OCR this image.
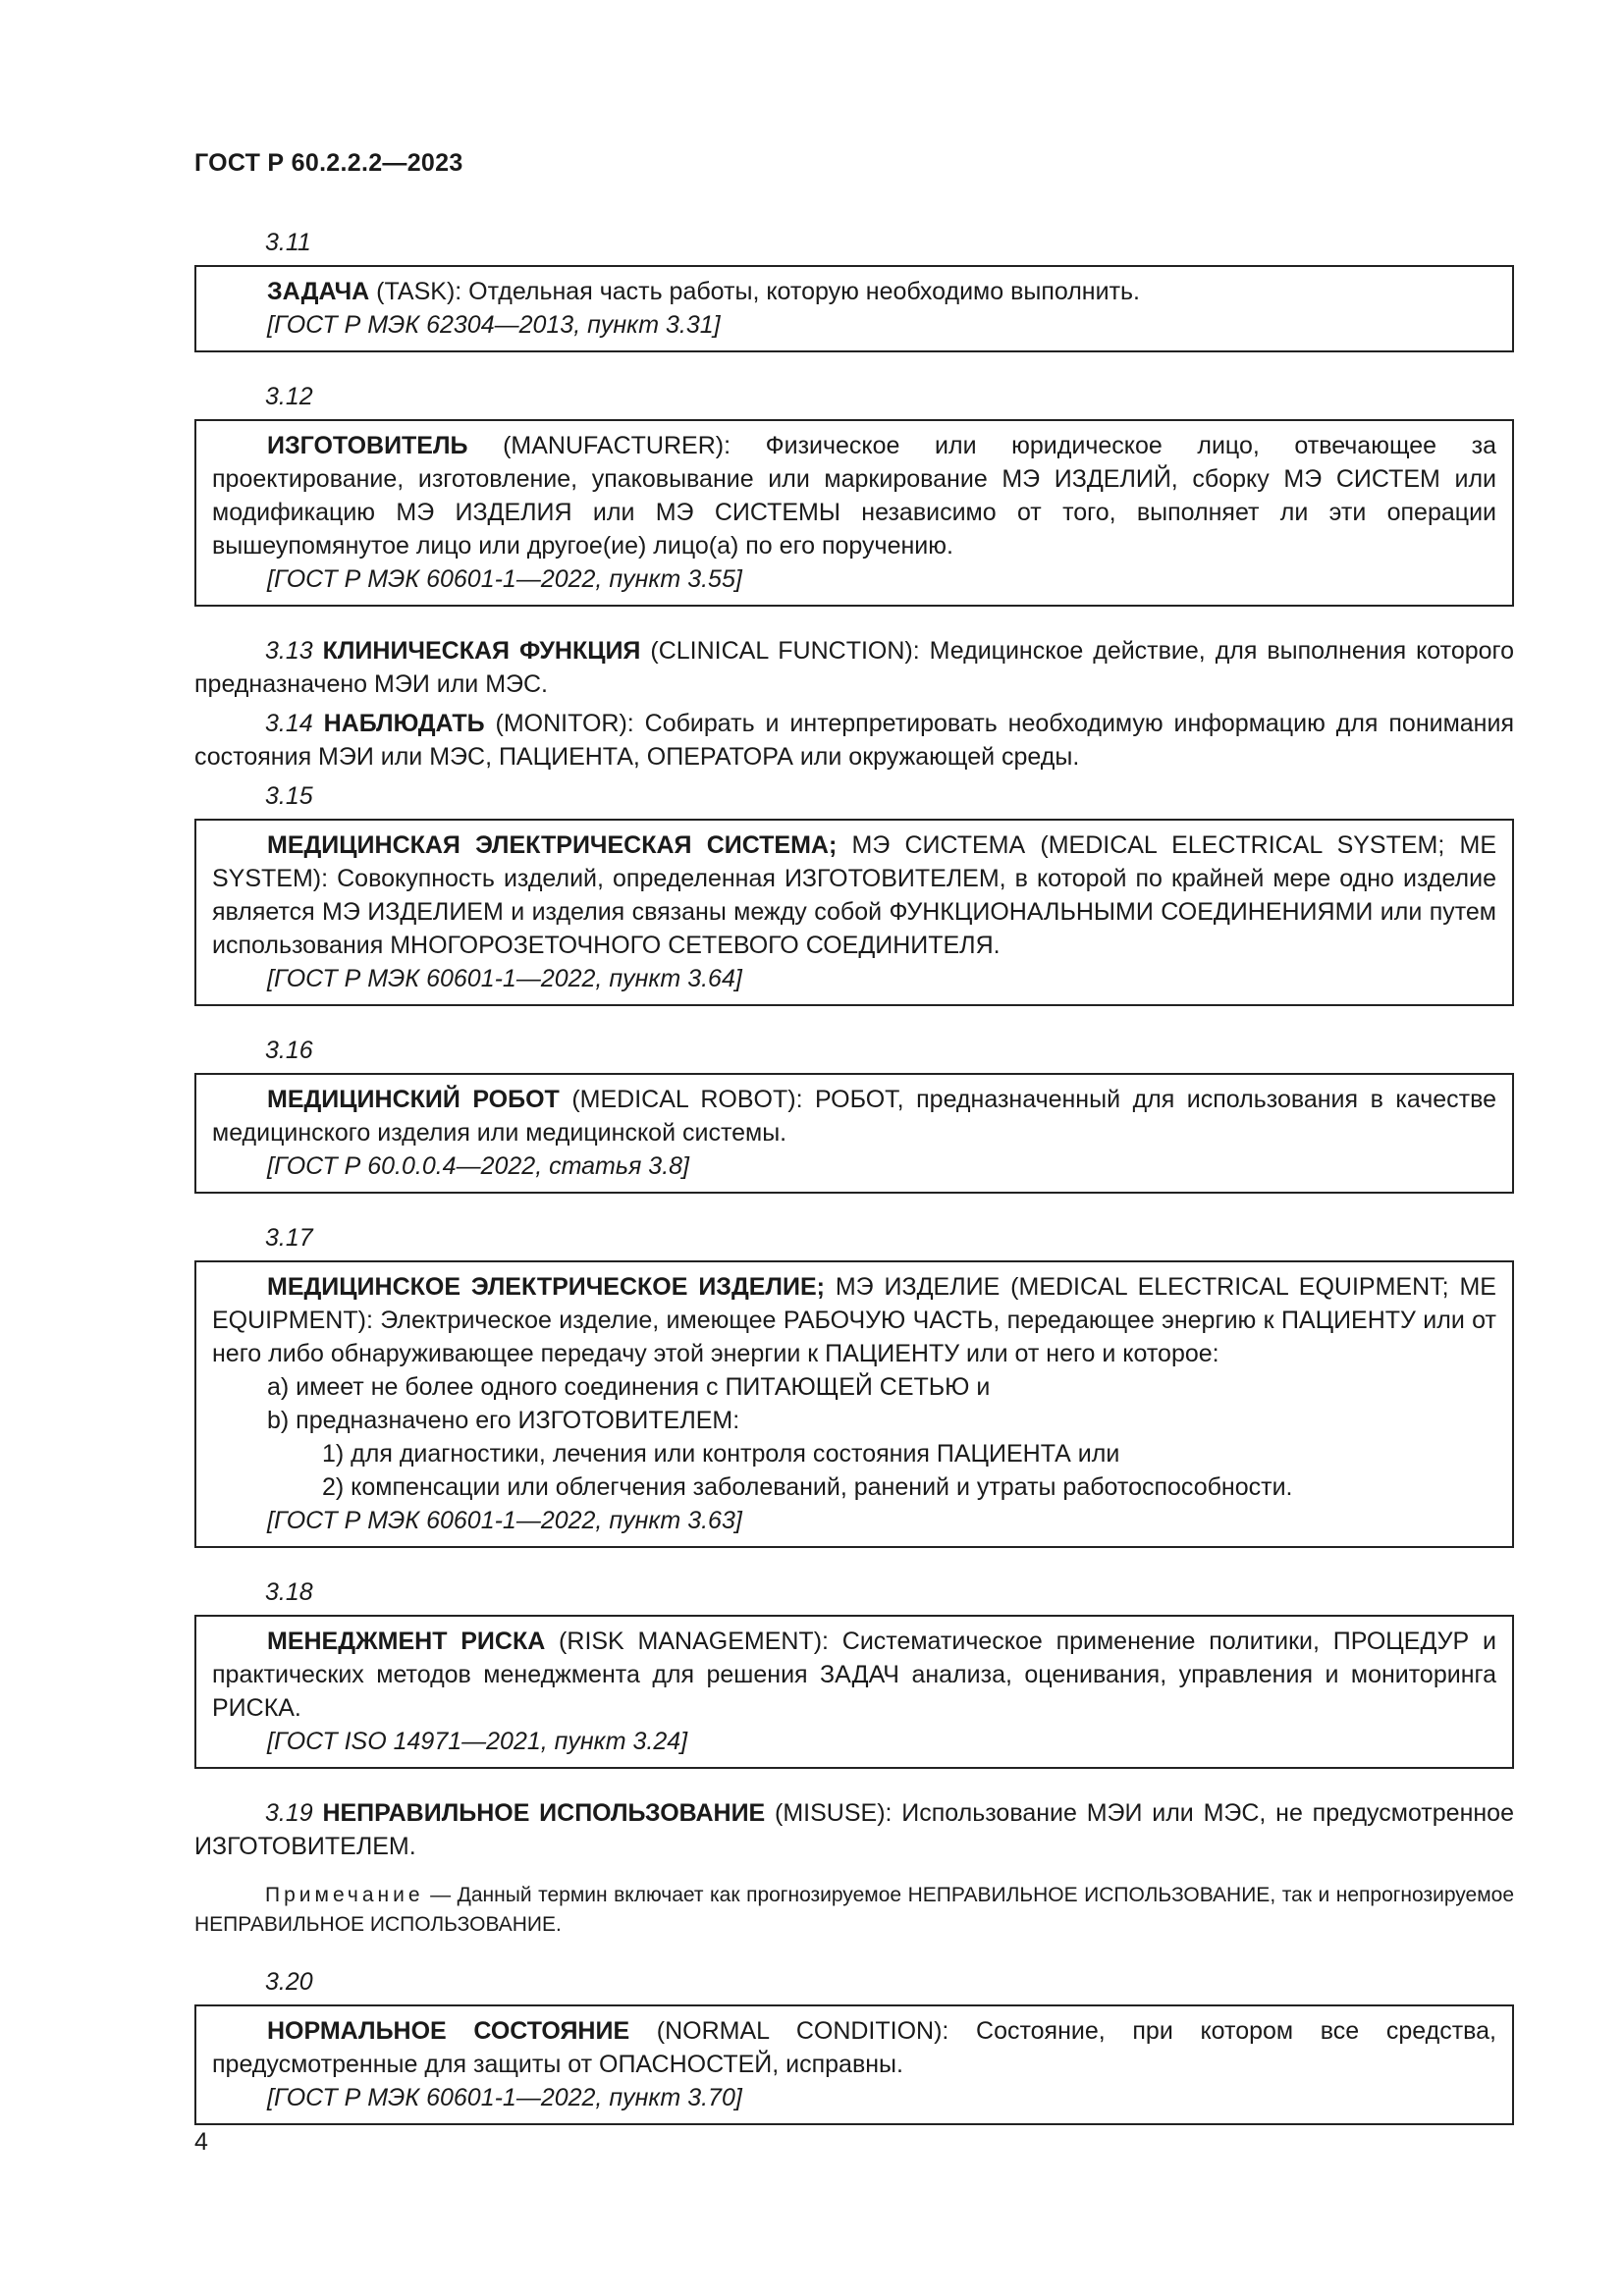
ГОСТ Р 60.2.2.2—2023
3.11

ЗАДАЧА (TASK): Отдельная часть работы, которую необходимо выполнить.

[ГОСТ Р МЭК 62304—2013, пункт 3.31]
3.12

ИЗГОТОВИТЕЛЬ (MANUFACTURER): Физическое или юридическое лицо, отвечающее за проектирование, изготовление, упаковывание или маркирование МЭ ИЗДЕЛИЙ, сборку МЭ СИСТЕМ или модификацию МЭ ИЗДЕЛИЯ или МЭ СИСТЕМЫ независимо от того, выполняет ли эти операции вышеупомянутое лицо или другое(ие) лицо(а) по его поручению.

[ГОСТ Р МЭК 60601-1—2022, пункт 3.55]

3.13 КЛИНИЧЕСКАЯ ФУНКЦИЯ (CLINICAL FUNCTION): Медицинское действие, для выполнения которого предназначено МЭИ или МЭС.

3.14 НАБЛЮДАТЬ (MONITOR): Собирать и интерпретировать необходимую информацию для понимания состояния МЭИ или МЭС, ПАЦИЕНТА, ОПЕРАТОРА или окружающей среды.

3.15

МЕДИЦИНСКАЯ ЭЛЕКТРИЧЕСКАЯ СИСТЕМА; МЭ СИСТЕМА (MEDICAL ELECTRICAL SYSTEM; ME SYSTEM): Совокупность изделий, определенная ИЗГОТОВИТЕЛЕМ, в которой по крайней мере одно изделие является МЭ ИЗДЕЛИЕМ и изделия связаны между собой ФУНКЦИОНАЛЬНЫМИ СОЕДИНЕНИЯМИ или путем использования МНОГОРОЗЕТОЧНОГО СЕТЕВОГО СОЕДИНИТЕЛЯ.

[ГОСТ Р МЭК 60601-1—2022, пункт 3.64]
3.16

МЕДИЦИНСКИЙ РОБОТ (MEDICAL ROBOT): РОБОТ, предназначенный для использования в качестве медицинского изделия или медицинской системы.

[ГОСТ Р 60.0.0.4—2022, статья 3.8]
3.17

МЕДИЦИНСКОЕ ЭЛЕКТРИЧЕСКОЕ ИЗДЕЛИЕ; МЭ ИЗДЕЛИЕ (MEDICAL ELECTRICAL EQUIPMENT; ME EQUIPMENT): Электрическое изделие, имеющее РАБОЧУЮ ЧАСТЬ, передающее энергию к ПАЦИЕНТУ или от него либо обнаруживающее передачу этой энергии к ПАЦИЕНТУ или от него и которое:

а) имеет не более одного соединения с ПИТАЮЩЕЙ СЕТЬЮ и
b) предназначено его ИЗГОТОВИТЕЛЕМ:
1) для диагностики, лечения или контроля состояния ПАЦИЕНТА или
2) компенсации или облегчения заболеваний, ранений и утраты работоспособности.
[ГОСТ Р МЭК 60601-1—2022, пункт 3.63]
3.18

МЕНЕДЖМЕНТ РИСКА (RISK MANAGEMENT): Систематическое применение политики, ПРОЦЕДУР и практических методов менеджмента для решения ЗАДАЧ анализа, оценивания, управления и мониторинга РИСКА.

[ГОСТ ISO 14971—2021, пункт 3.24]

3.19 НЕПРАВИЛЬНОЕ ИСПОЛЬЗОВАНИЕ (MISUSE): Использование МЭИ или МЭС, не предусмотренное ИЗГОТОВИТЕЛЕМ.

Примечание — Данный термин включает как прогнозируемое НЕПРАВИЛЬНОЕ ИСПОЛЬЗОВАНИЕ, так и непрогнозируемое НЕПРАВИЛЬНОЕ ИСПОЛЬЗОВАНИЕ.

3.20

НОРМАЛЬНОЕ СОСТОЯНИЕ (NORMAL CONDITION): Состояние, при котором все средства, предусмотренные для защиты от ОПАСНОСТЕЙ, исправны.

[ГОСТ Р МЭК 60601-1—2022, пункт 3.70]
4
